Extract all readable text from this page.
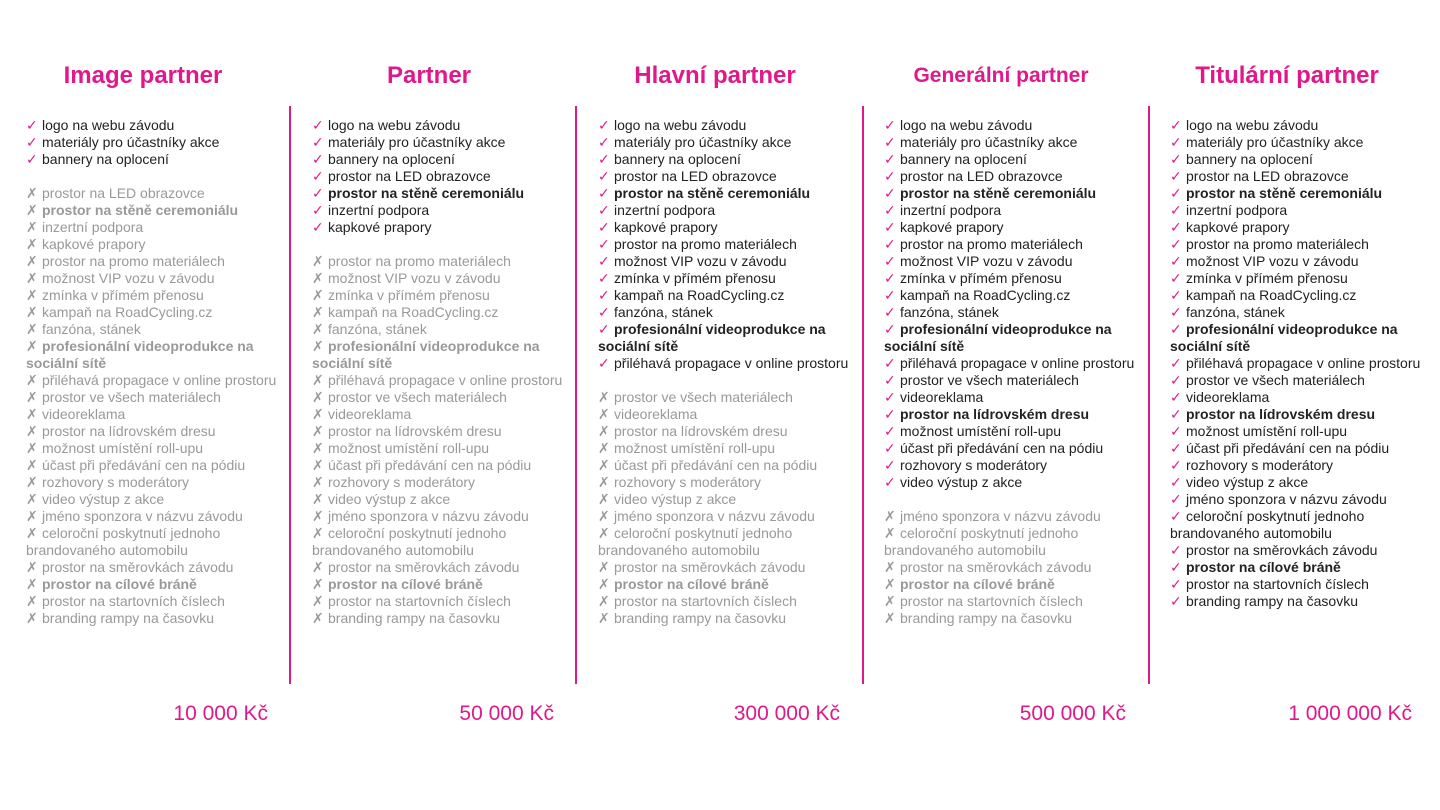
Image partner
✓ logo na webu závodu
✓ materiály pro účastníky akce
✓ bannery na oplocení
✗ prostor na LED obrazovce
✗ prostor na stěně ceremoniálu
✗ inzertní podpora
✗ kapkové prapory
✗ prostor na promo materiálech
✗ možnost VIP vozu v závodu
✗ zmínka v přímém přenosu
✗ kampaň na RoadCycling.cz
✗ fanzóna, stánek
✗ profesionální videoprodukce na sociální sítě
✗ přiléhavá propagace v online prostoru
✗ prostor ve všech materiálech
✗ videoreklama
✗ prostor na lídrovském dresu
✗ možnost umístění roll-upu
✗ účast při předávání cen na pódiu
✗ rozhovory s moderátory
✗ video výstup z akce
✗ jméno sponzora v názvu závodu
✗ celoroční poskytnutí jednoho brandovaného automobilu
✗ prostor na směrovkách závodu
✗ prostor na cílové bráně
✗ prostor na startovních číslech
✗ branding rampy na časovku
10 000 Kč
Partner
✓ logo na webu závodu
✓ materiály pro účastníky akce
✓ bannery na oplocení
✓ prostor na LED obrazovce
✓ prostor na stěně ceremoniálu
✓ inzertní podpora
✓ kapkové prapory
✗ prostor na promo materiálech
✗ možnost VIP vozu v závodu
✗ zmínka v přímém přenosu
✗ kampaň na RoadCycling.cz
✗ fanzóna, stánek
✗ profesionální videoprodukce na sociální sítě
✗ přiléhavá propagace v online prostoru
✗ prostor ve všech materiálech
✗ videoreklama
✗ prostor na lídrovském dresu
✗ možnost umístění roll-upu
✗ účast při předávání cen na pódiu
✗ rozhovory s moderátory
✗ video výstup z akce
✗ jméno sponzora v názvu závodu
✗ celoroční poskytnutí jednoho brandovaného automobilu
✗ prostor na směrovkách závodu
✗ prostor na cílové bráně
✗ prostor na startovních číslech
✗ branding rampy na časovku
50 000 Kč
Hlavní partner
✓ logo na webu závodu
✓ materiály pro účastníky akce
✓ bannery na oplocení
✓ prostor na LED obrazovce
✓ prostor na stěně ceremoniálu
✓ inzertní podpora
✓ kapkové prapory
✓ prostor na promo materiálech
✓ možnost VIP vozu v závodu
✓ zmínka v přímém přenosu
✓ kampaň na RoadCycling.cz
✓ fanzóna, stánek
✓ profesionální videoprodukce na sociální sítě
✓ přiléhavá propagace v online prostoru
✗ prostor ve všech materiálech
✗ videoreklama
✗ prostor na lídrovském dresu
✗ možnost umístění roll-upu
✗ účast při předávání cen na pódiu
✗ rozhovory s moderátory
✗ video výstup z akce
✗ jméno sponzora v názvu závodu
✗ celoroční poskytnutí jednoho brandovaného automobilu
✗ prostor na směrovkách závodu
✗ prostor na cílové bráně
✗ prostor na startovních číslech
✗ branding rampy na časovku
300 000 Kč
Generální partner
✓ logo na webu závodu
✓ materiály pro účastníky akce
✓ bannery na oplocení
✓ prostor na LED obrazovce
✓ prostor na stěně ceremoniálu
✓ inzertní podpora
✓ kapkové prapory
✓ prostor na promo materiálech
✓ možnost VIP vozu v závodu
✓ zmínka v přímém přenosu
✓ kampaň na RoadCycling.cz
✓ fanzóna, stánek
✓ profesionální videoprodukce na sociální sítě
✓ přiléhavá propagace v online prostoru
✓ prostor ve všech materiálech
✓ videoreklama
✓ prostor na lídrovském dresu
✓ možnost umístění roll-upu
✓ účast při předávání cen na pódiu
✓ rozhovory s moderátory
✓ video výstup z akce
✗ jméno sponzora v názvu závodu
✗ celoroční poskytnutí jednoho brandovaného automobilu
✗ prostor na směrovkách závodu
✗ prostor na cílové bráně
✗ prostor na startovních číslech
✗ branding rampy na časovku
500 000 Kč
Titulární partner
✓ logo na webu závodu
✓ materiály pro účastníky akce
✓ bannery na oplocení
✓ prostor na LED obrazovce
✓ prostor na stěně ceremoniálu
✓ inzertní podpora
✓ kapkové prapory
✓ prostor na promo materiálech
✓ možnost VIP vozu v závodu
✓ zmínka v přímém přenosu
✓ kampaň na RoadCycling.cz
✓ fanzóna, stánek
✓ profesionální videoprodukce na sociální sítě
✓ přiléhavá propagace v online prostoru
✓ prostor ve všech materiálech
✓ videoreklama
✓ prostor na lídrovském dresu
✓ možnost umístění roll-upu
✓ účast při předávání cen na pódiu
✓ rozhovory s moderátory
✓ video výstup z akce
✓ jméno sponzora v názvu závodu
✓ celoroční poskytnutí jednoho brandovaného automobilu
✓ prostor na směrovkách závodu
✓ prostor na cílové bráně
✓ prostor na startovních číslech
✓ branding rampy na časovku
1 000 000 Kč
